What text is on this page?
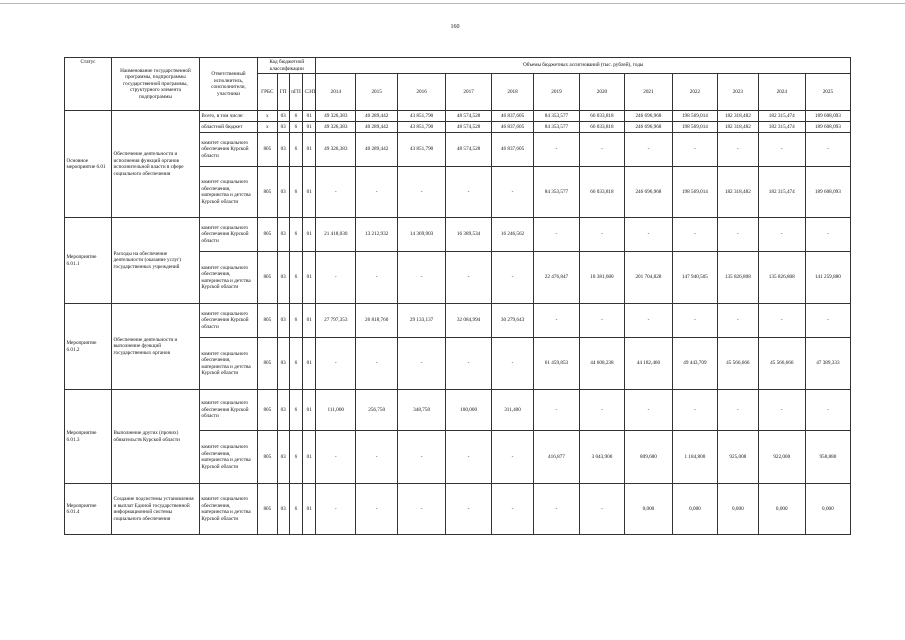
160
Статус	Наименование государственной программы, подпрограммы государственной программы, структурного элемента подпрограммы	Ответственный исполнитель, соисполнители, участники	Код бюджетной классификации				Объемы бюджетных ассигнований (тыс. рублей), годы											
			ГРБС	ГП	пГП	СЭП	2014	2015	2016	2017	2018	2019	2020	2021	2022	2023	2024	2025
Основное мероприятие 6.01	Обеспечение деятельности и исполнения функций органов исполнительной власти в сфере социального обеспечения	Всего, в том числе:	х	03	6	01	49 326,383	40 289,442	43 851,790	48 574,528	46 837,605	84 353,577	66 033,818	246 696,968	198 569,014	182 318,482	182 315,474	189 608,093
		областной бюджет	х	03	6	01	49 326,383	40 289,442	43 851,790	48 574,528	46 837,605	84 353,577	66 033,818	246 696,968	198 569,014	182 318,482	182 315,474	189 608,093
		комитет социального обеспечения Курской области	805	03	6	01	49 326,383	40 289,442	43 851,790	48 574,528	46 837,605	-	-	-	-	-	-	-
		комитет социального обеспечения, материнства и детства Курской области	805	03	6	01	-	-	-	-	-	84 353,577	66 033,818	246 696,968	198 569,014	182 318,482	182 315,474	189 608,093
Мероприятие 6.01.1	Расходы на обеспечение деятельности (оказание услуг) государственных учреждений	комитет социального обеспечения Курской области	805	03	6	01	21 418,030	13 212,932	14 369,903	16 389,534	16 246,562	-	-	-	-	-	-	-
		комитет социального обеспечения, материнства и детства Курской области	805	03	6	01	-	-	-	-	-	22 476,847	18 381,680	201 704,828	147 940,505	135 826,808	135 826,808	141 259,880
Мероприятие 6.01.2	Обеспечение деятельности и выполнение функций государственных органов	комитет социального обеспечения Курской области	805	03	6	01	27 797,353	26 818,760	29 133,137	32 084,994	30 279,643	-	-	-	-	-	-	-
		комитет социального обеспечения, материнства и детства Курской области	805	03	6	01	-	-	-	-	-	61 459,853	44 608,238	44 182,460	49 443,709	45 566,666	45 566,666	47 389,333
Мероприятие 6.01.3	Выполнение других (прочих) обязательств Курской области	комитет социального обеспечения Курской области	805	03	6	01	111,000	256,750	348,750	100,000	311,400	-	-	-	-	-	-	-
		комитет социального обеспечения, материнства и детства Курской области	805	03	6	01	-	-	-	-	-	416,877	3 043,900	809,680	1 184,800	925,008	922,000	958,880
Мероприятие 6.01.4	Создание подсистемы установления и выплат Единой государственной информационной системы социального обеспечения	комитет социального обеспечения, материнства и детства Курской области	805	03	6	01	-	-	-	-	-	-	-	0,000	0,000	0,000	0,000	0,000
